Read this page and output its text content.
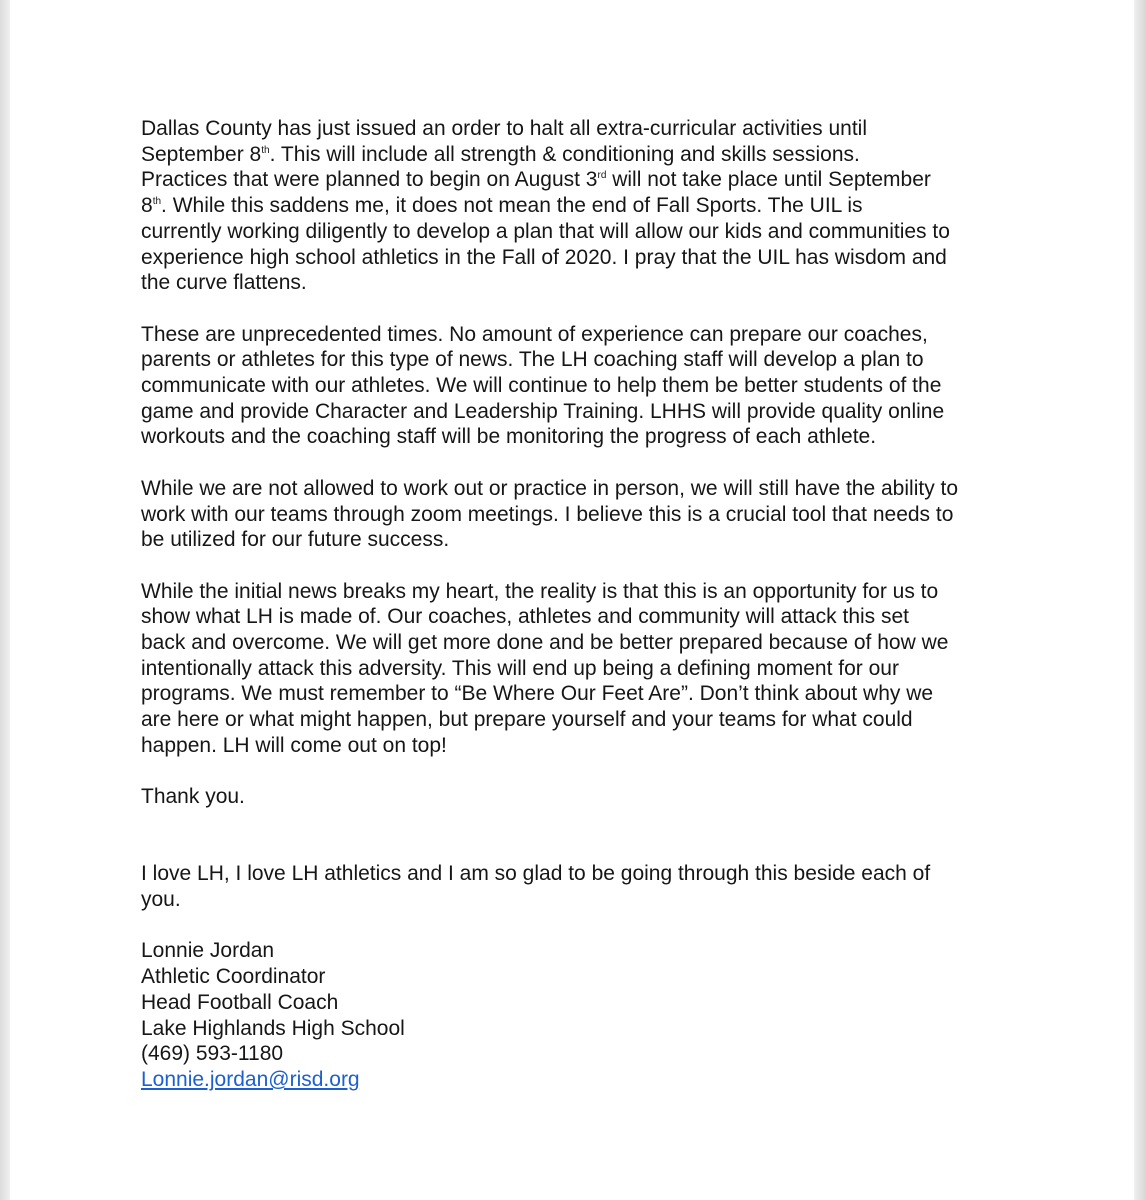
Dallas County has just issued an order to halt all extra-curricular activities until
September 8th. This will include all strength & conditioning and skills sessions.
Practices that were planned to begin on August 3rd will not take place until September
8th. While this saddens me, it does not mean the end of Fall Sports. The UIL is
currently working diligently to develop a plan that will allow our kids and communities to
experience high school athletics in the Fall of 2020. I pray that the UIL has wisdom and
the curve flattens.
These are unprecedented times. No amount of experience can prepare our coaches,
parents or athletes for this type of news. The LH coaching staff will develop a plan to
communicate with our athletes. We will continue to help them be better students of the
game and provide Character and Leadership Training. LHHS will provide quality online
workouts and the coaching staff will be monitoring the progress of each athlete.
While we are not allowed to work out or practice in person, we will still have the ability to
work with our teams through zoom meetings. I believe this is a crucial tool that needs to
be utilized for our future success.
While the initial news breaks my heart, the reality is that this is an opportunity for us to
show what LH is made of. Our coaches, athletes and community will attack this set
back and overcome. We will get more done and be better prepared because of how we
intentionally attack this adversity. This will end up being a defining moment for our
programs. We must remember to “Be Where Our Feet Are”. Don’t think about why we
are here or what might happen, but prepare yourself and your teams for what could
happen. LH will come out on top!
Thank you.
I love LH, I love LH athletics and I am so glad to be going through this beside each of
you.
Lonnie Jordan
Athletic Coordinator
Head Football Coach
Lake Highlands High School
(469) 593-1180
Lonnie.jordan@risd.org
